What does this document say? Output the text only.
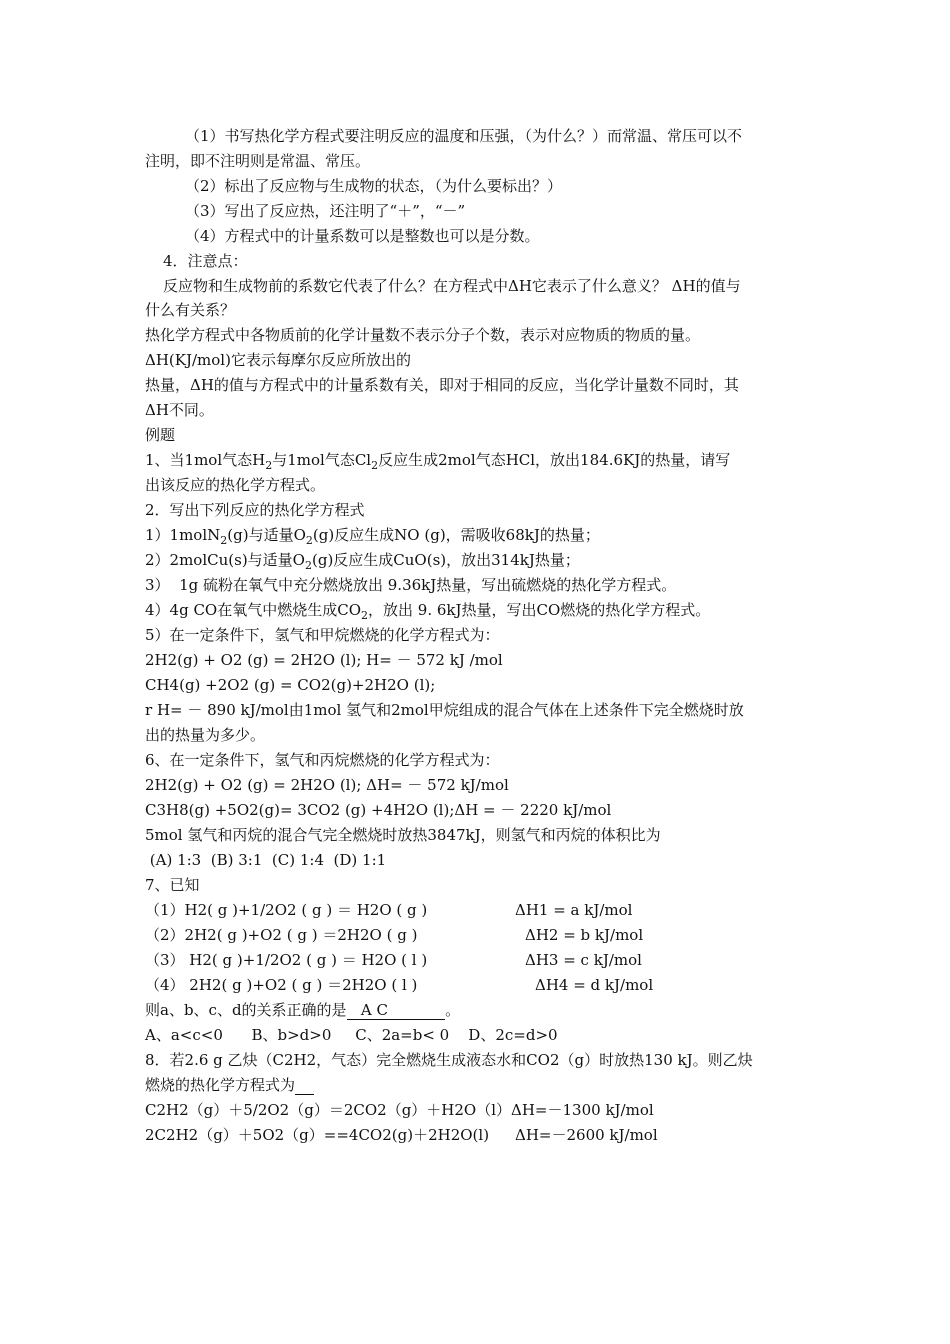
（1）书写热化学方程式要注明反应的温度和压强，（为什么？）而常温、常压可以不
注明，即不注明则是常温、常压。
（2）标出了反应物与生成物的状态，（为什么要标出？）
（3）写出了反应热，还注明了“＋”，“－”
（4）方程式中的计量系数可以是整数也可以是分数。
4．注意点：
反应物和生成物前的系数它代表了什么？在方程式中ΔH它表示了什么意义？ ΔH的值与
什么有关系？
热化学方程式中各物质前的化学计量数不表示分子个数，表示对应物质的物质的量。
ΔH(KJ/mol)它表示每摩尔反应所放出的
热量，ΔH的值与方程式中的计量系数有关，即对于相同的反应，当化学计量数不同时，其
ΔH不同。
例题
1、当1mol气态$H_2$与1mol气态$Cl_2$反应生成2mol气态HCl，放出184.6KJ的热量，请写
出该反应的热化学方程式。
2．写出下列反应的热化学方程式
1）1molN$_2$(g)与适量$O_2(g)$反应生成NO (g)，需吸收68kJ的热量；
2）2molCu(s)与适量$O_2(g)$反应生成CuO(s)，放出314kJ热量；
3）  1g 硫粉在氧气中充分燃烧放出 9.36kJ热量，写出硫燃烧的热化学方程式。
4）4g CO在氧气中燃烧生成$CO_2$，放出 9. 6kJ热量，写出CO燃烧的热化学方程式。
5）在一定条件下，氢气和甲烷燃烧的化学方程式为：
2H2(g) + O2 (g) = 2H2O (l); H= － 572 kJ /mol
CH4(g) +2O2 (g) = CO2(g)+2H2O (l);
r H= － 890 kJ/mol由1mol 氢气和2mol甲烷组成的混合气体在上述条件下完全燃烧时放
出的热量为多少。
6、在一定条件下，氢气和丙烷燃烧的化学方程式为：
2H2(g) + O2 (g) = 2H2O (l); ΔH= － 572 kJ/mol
C3H8(g) +5O2(g)= 3CO2 (g) +4H2O (l);ΔH = － 2220 kJ/mol
5mol 氢气和丙烷的混合气完全燃烧时放热3847kJ，则氢气和丙烷的体积比为
(A) 1:3  (B) 3:1  (C) 1:4  (D) 1:1
7、已知
（1）H2( g )+1/2O2 ( g ) ＝ H2O ( g )	ΔH1 = a kJ/mol
（2）2H2( g )+O2 ( g ) ＝2H2O ( g )	ΔH2 = b kJ/mol
（3） H2( g )+1/2O2 ( g ) ＝ H2O ( l )	ΔH3 = c kJ/mol
（4） 2H2( g )+O2 ( g ) ＝2H2O ( l )	ΔH4 = d kJ/mol
则a、b、c、d的关系正确的是   A C            。
A、a<c<0      B、b>d>0     C、2a=b< 0    D、2c=d>0
8．若2.6 g 乙炔（C2H2，气态）完全燃烧生成液态水和CO2（g）时放热130 kJ。则乙炔
燃烧的热化学方程式为
C2H2（g）＋5/2O2（g）＝2CO2（g）＋H2O（l）ΔH=－1300 kJ/mol
2C2H2（g）＋5O2（g）==4CO2(g)＋2H2O(l) ΔH=－2600 kJ/mol
